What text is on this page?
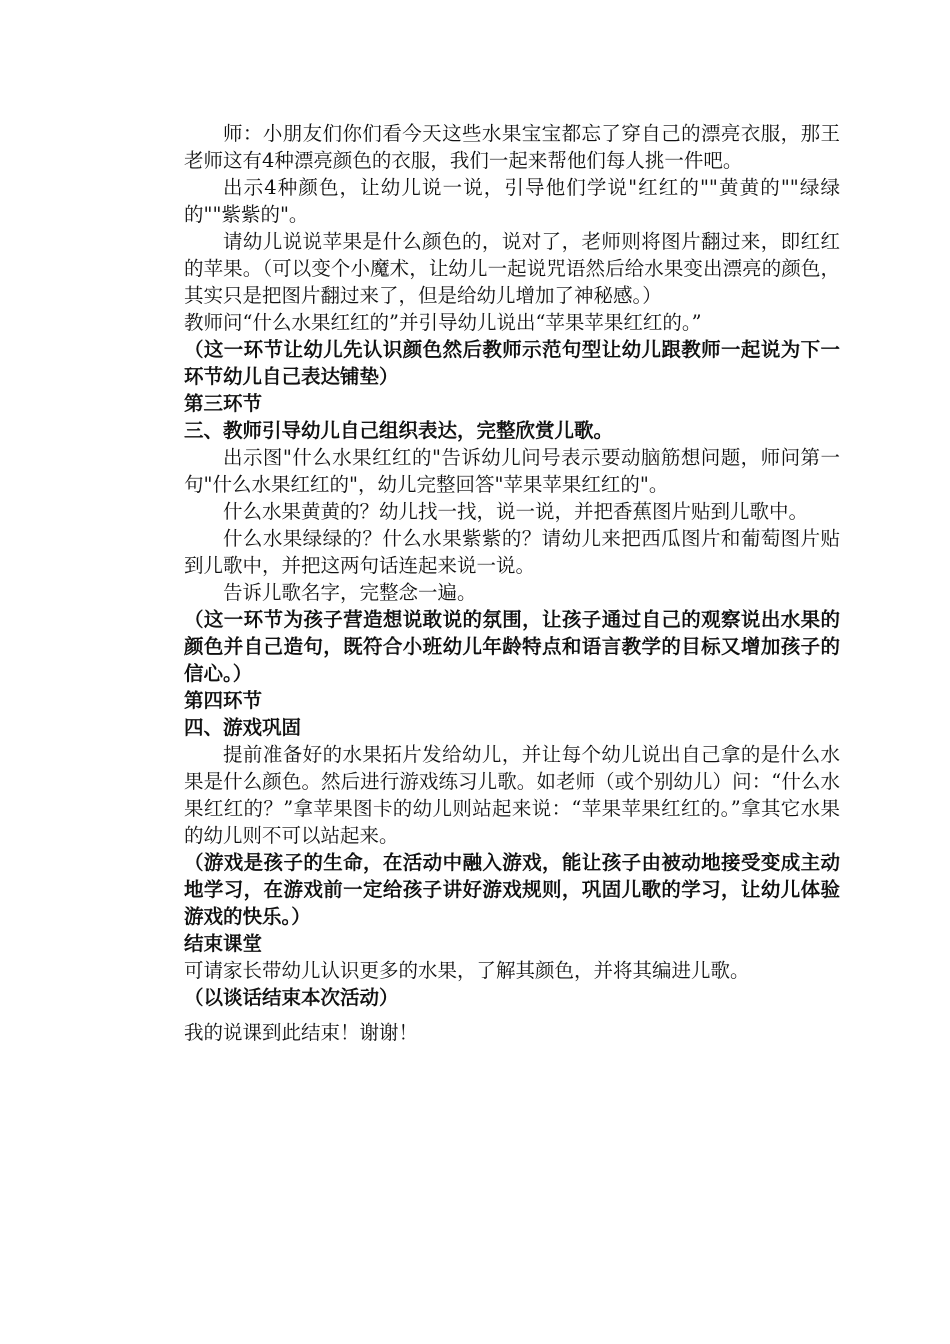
师：小朋友们你们看今天这些水果宝宝都忘了穿自己的漂亮衣服，那王老师这有4种漂亮颜色的衣服，我们一起来帮他们每人挑一件吧。

出示4种颜色，让幼儿说一说，引导他们学说"红红的""黄黄的""绿绿的""紫紫的"。

请幼儿说说苹果是什么颜色的，说对了，老师则将图片翻过来，即红红的苹果。（可以变个小魔术，让幼儿一起说咒语然后给水果变出漂亮的颜色，其实只是把图片翻过来了，但是给幼儿增加了神秘感。）

教师问“什么水果红红的”并引导幼儿说出“苹果苹果红红的。”

（这一环节让幼儿先认识颜色然后教师示范句型让幼儿跟教师一起说为下一环节幼儿自己表达铺垫）

第三环节

三、教师引导幼儿自己组织表达，完整欣赏儿歌。

出示图"什么水果红红的"告诉幼儿问号表示要动脑筋想问题，师问第一句"什么水果红红的"，幼儿完整回答"苹果苹果红红的"。

什么水果黄黄的？幼儿找一找，说一说，并把香蕉图片贴到儿歌中。

什么水果绿绿的？什么水果紫紫的？请幼儿来把西瓜图片和葡萄图片贴到儿歌中，并把这两句话连起来说一说。

告诉儿歌名字，完整念一遍。

（这一环节为孩子营造想说敢说的氛围，让孩子通过自己的观察说出水果的颜色并自己造句，既符合小班幼儿年龄特点和语言教学的目标又增加孩子的信心。）

第四环节

四、游戏巩固

提前准备好的水果拓片发给幼儿，并让每个幼儿说出自己拿的是什么水果是什么颜色。然后进行游戏练习儿歌。如老师（或个别幼儿）问：“什么水果红红的？”拿苹果图卡的幼儿则站起来说：“苹果苹果红红的。”拿其它水果的幼儿则不可以站起来。

（游戏是孩子的生命，在活动中融入游戏，能让孩子由被动地接受变成主动地学习，在游戏前一定给孩子讲好游戏规则，巩固儿歌的学习，让幼儿体验游戏的快乐。）

结束课堂

可请家长带幼儿认识更多的水果，了解其颜色，并将其编进儿歌。

（以谈话结束本次活动）

我的说课到此结束！谢谢！
